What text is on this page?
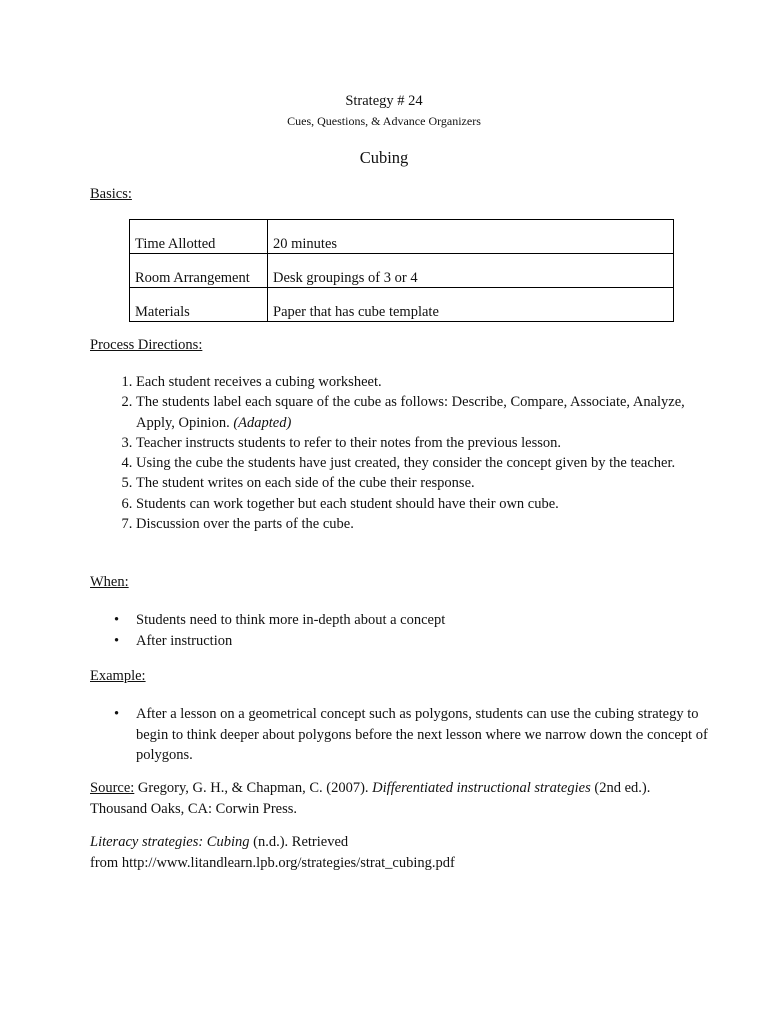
Strategy # 24
Cues, Questions, & Advance Organizers
Cubing
Basics:
Time Allotted	20 minutes
Room Arrangement	Desk groupings of 3 or 4
Materials	Paper that has cube template
Process Directions:
1. Each student receives a cubing worksheet.
2. The students label each square of the cube as follows: Describe, Compare, Associate, Analyze, Apply, Opinion. (Adapted)
3. Teacher instructs students to refer to their notes from the previous lesson.
4. Using the cube the students have just created, they consider the concept given by the teacher.
5. The student writes on each side of the cube their response.
6. Students can work together but each student should have their own cube.
7. Discussion over the parts of the cube.
When:
• Students need to think more in-depth about a concept
• After instruction
Example:
• After a lesson on a geometrical concept such as polygons, students can use the cubing strategy to begin to think deeper about polygons before the next lesson where we narrow down the concept of polygons.
Source: Gregory, G. H., & Chapman, C. (2007). Differentiated instructional strategies (2nd ed.).
Thousand Oaks, CA: Corwin Press.
Literacy strategies: Cubing (n.d.). Retrieved
from http://www.litandlearn.lpb.org/strategies/strat_cubing.pdf
